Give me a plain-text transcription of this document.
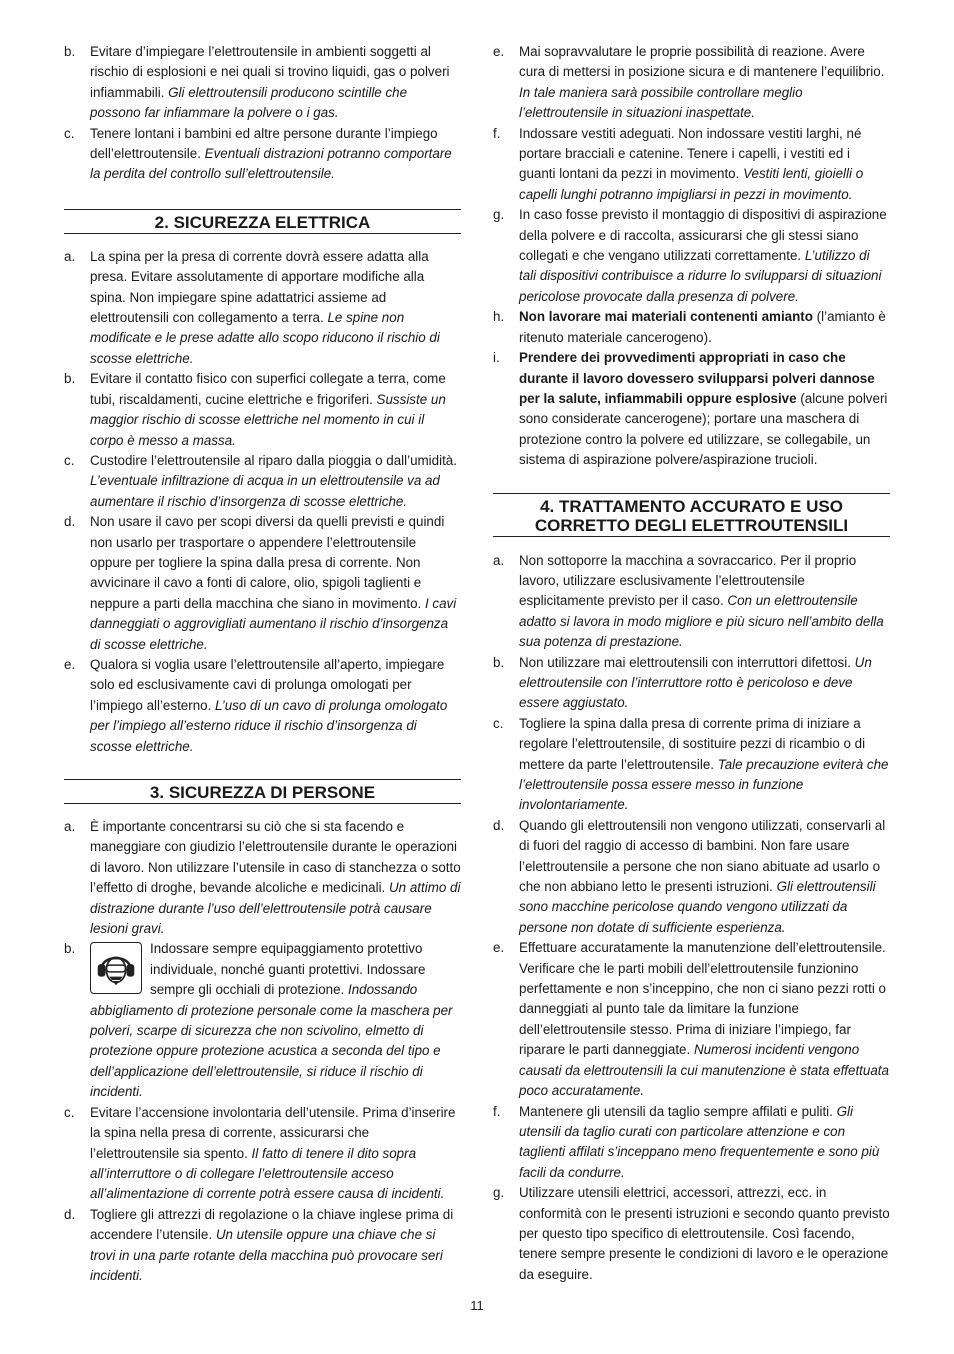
b. Evitare d’impiegare l’elettroutensile in ambienti soggetti al rischio di esplosioni e nei quali si trovino liquidi, gas o polveri infiammabili. Gli elettroutensili producono scintille che possono far infiammare la polvere o i gas.

c. Tenere lontani i bambini ed altre persone durante l’impiego dell’elettroutensile. Eventuali distrazioni potranno comportare la perdita del controllo sull’elettroutensile.

2. SICUREZZA ELETTRICA

a. La spina per la presa di corrente dovrà essere adatta alla presa. Evitare assolutamente di apportare modifiche alla spina. Non impiegare spine adattatrici assieme ad elettroutensili con collegamento a terra. Le spine non modificate e le prese adatte allo scopo riducono il rischio di scosse elettriche.

b. Evitare il contatto fisico con superfici collegate a terra, come tubi, riscaldamenti, cucine elettriche e frigoriferi. Sussiste un maggior rischio di scosse elettriche nel momento in cui il corpo è messo a massa.

c. Custodire l’elettroutensile al riparo dalla pioggia o dall’umidità. L’eventuale infiltrazione di acqua in un elettroutensile va ad aumentare il rischio d’insorgenza di scosse elettriche.

d. Non usare il cavo per scopi diversi da quelli previsti e quindi non usarlo per trasportare o appendere l’elettroutensile oppure per togliere la spina dalla presa di corrente. Non avvicinare il cavo a fonti di calore, olio, spigoli taglienti e neppure a parti della macchina che siano in movimento. I cavi danneggiati o aggrovigliati aumentano il rischio d’insorgenza di scosse elettriche.

e. Qualora si voglia usare l’elettroutensile all’aperto, impiegare solo ed esclusivamente cavi di prolunga omologati per l’impiego all’esterno. L’uso di un cavo di prolunga omologato per l’impiego all’esterno riduce il rischio d’insorgenza di scosse elettriche.

3. SICUREZZA DI PERSONE

a. È importante concentrarsi su ciò che si sta facendo e maneggiare con giudizio l’elettroutensile durante le operazioni di lavoro. Non utilizzare l’utensile in caso di stanchezza o sotto l’effetto di droghe, bevande alcoliche e medicinali. Un attimo di distrazione durante l’uso dell’elettroutensile potrà causare lesioni gravi.

b.	Indossare sempre equipaggiamento protettivo individuale, nonché guanti protettivi. Indossare sempre gli occhiali di protezione. Indossando abbigliamento di protezione personale come la maschera per polveri, scarpe di sicurezza che non scivolino, elmetto di protezione oppure protezione acustica a seconda del tipo e dell’applicazione dell’elettroutensile, si riduce il rischio di incidenti.

c. Evitare l’accensione involontaria dell’utensile. Prima d’inserire la spina nella presa di corrente, assicurarsi che l’elettroutensile sia spento. Il fatto di tenere il dito sopra all’interruttore o di collegare l’elettroutensile acceso all’alimentazione di corrente potrà essere causa di incidenti.

d. Togliere gli attrezzi di regolazione o la chiave inglese prima di accendere l’utensile. Un utensile oppure una chiave che si trovi in una parte rotante della macchina può provocare seri incidenti.

e. Mai sopravvalutare le proprie possibilità di reazione. Avere cura di mettersi in posizione sicura e di mantenere l’equilibrio. In tale maniera sarà possibile controllare meglio l’elettroutensile in situazioni inaspettate.

f. Indossare vestiti adeguati. Non indossare vestiti larghi, né portare bracciali e catenine. Tenere i capelli, i vestiti ed i guanti lontani da pezzi in movimento. Vestiti lenti, gioielli o capelli lunghi potranno impigliarsi in pezzi in movimento.

g. In caso fosse previsto il montaggio di dispositivi di aspirazione della polvere e di raccolta, assicurarsi che gli stessi siano collegati e che vengano utilizzati correttamente. L’utilizzo di tali dispositivi contribuisce a ridurre lo svilupparsi di situazioni pericolose provocate dalla presenza di polvere.

h. Non lavorare mai materiali contenenti amianto (l’amianto è ritenuto materiale cancerogeno).

i. Prendere dei provvedimenti appropriati in caso che durante il lavoro dovessero svilupparsi polveri dannose per la salute, infiammabili oppure esplosive (alcune polveri sono considerate cancerogene); portare una maschera di protezione contro la polvere ed utilizzare, se collegabile, un sistema di aspirazione polvere/aspirazione trucioli.

4. TRATTAMENTO ACCURATO E USO
CORRETTO DEGLI ELETTROUTENSILI

a. Non sottoporre la macchina a sovraccarico. Per il proprio lavoro, utilizzare esclusivamente l’elettroutensile esplicitamente previsto per il caso. Con un elettroutensile adatto si lavora in modo migliore e più sicuro nell’ambito della sua potenza di prestazione.

b. Non utilizzare mai elettroutensili con interruttori difettosi. Un elettroutensile con l’interruttore rotto è pericoloso e deve essere aggiustato.

c. Togliere la spina dalla presa di corrente prima di iniziare a regolare l’elettroutensile, di sostituire pezzi di ricambio o di mettere da parte l’elettroutensile. Tale precauzione eviterà che l’elettroutensile possa essere messo in funzione involontariamente.

d. Quando gli elettroutensili non vengono utilizzati, conservarli al di fuori del raggio di accesso di bambini. Non fare usare l’elettroutensile a persone che non siano abituate ad usarlo o che non abbiano letto le presenti istruzioni. Gli elettroutensili sono macchine pericolose quando vengono utilizzati da persone non dotate di sufficiente esperienza.

e. Effettuare accuratamente la manutenzione dell’elettroutensile. Verificare che le parti mobili dell’elettroutensile funzionino perfettamente e non s’inceppino, che non ci siano pezzi rotti o danneggiati al punto tale da limitare la funzione dell’elettroutensile stesso. Prima di iniziare l’impiego, far riparare le parti danneggiate. Numerosi incidenti vengono causati da elettroutensili la cui manutenzione è stata effettuata poco accuratamente.

f. Mantenere gli utensili da taglio sempre affilati e puliti. Gli utensili da taglio curati con particolare attenzione e con taglienti affilati s’inceppano meno frequentemente e sono più facili da condurre.

g. Utilizzare utensili elettrici, accessori, attrezzi, ecc. in conformità con le presenti istruzioni e secondo quanto previsto per questo tipo specifico di elettroutensile. Così facendo, tenere sempre presente le condizioni di lavoro e le operazione da eseguire.

11
